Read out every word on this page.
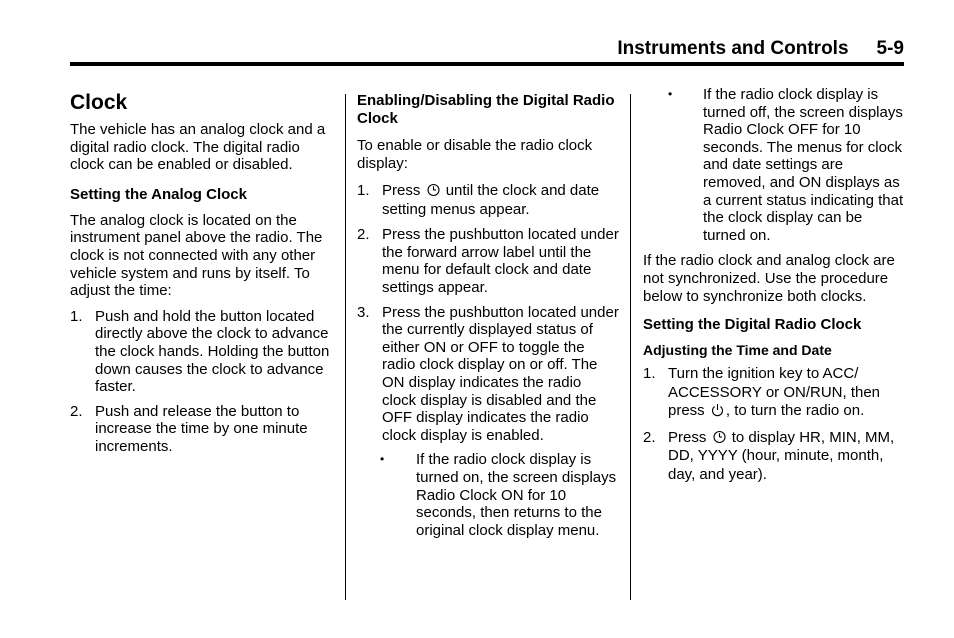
Instruments and Controls 5-9
Clock

The vehicle has an analog clock and a digital radio clock. The digital radio clock can be enabled or disabled.

Setting the Analog Clock

The analog clock is located on the instrument panel above the radio. The clock is not connected with any other vehicle system and runs by itself. To adjust the time:

1. Push and hold the button located directly above the clock to advance the clock hands. Holding the button down causes the clock to advance faster.
2. Push and release the button to increase the time by one minute increments.

Enabling/Disabling the Digital Radio Clock

To enable or disable the radio clock display:

1. Press until the clock and date setting menus appear.
2. Press the pushbutton located under the forward arrow label until the menu for default clock and date settings appear.
3. Press the pushbutton located under the currently displayed status of either ON or OFF to toggle the radio clock display on or off. The ON display indicates the radio clock display is disabled and the OFF display indicates the radio clock display is enabled.
• If the radio clock display is turned on, the screen displays Radio Clock ON for 10 seconds, then returns to the original clock display menu.
• If the radio clock display is turned off, the screen displays Radio Clock OFF for 10 seconds. The menus for clock and date settings are removed, and ON displays as a current status indicating that the clock display can be turned on.

If the radio clock and analog clock are not synchronized. Use the procedure below to synchronize both clocks.

Setting the Digital Radio Clock

Adjusting the Time and Date

1. Turn the ignition key to ACC/ ACCESSORY or ON/RUN, then press , to turn the radio on.
2. Press to display HR, MIN, MM, DD, YYYY (hour, minute, month, day, and year).
